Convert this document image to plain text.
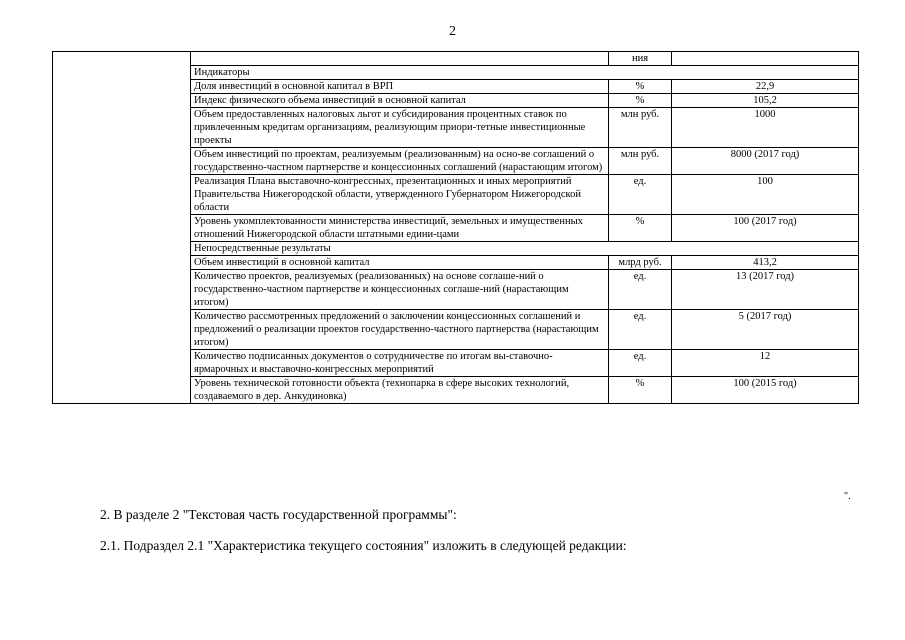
2
		ния	
	Индикаторы		
	Доля инвестиций в основной капитал в ВРП	%	22,9
	Индекс физического объема инвестиций в основной капитал	%	105,2
	Объем предоставленных налоговых льгот и субсидирования процентных ставок по привлеченным кредитам организациям, реализующим приори-тетные инвестиционные проекты	млн руб.	1000
	Объем инвестиций по проектам, реализуемым (реализованным) на осно-ве соглашений о государственно-частном партнерстве и концессионных соглашений (нарастающим итогом)	млн руб.	8000 (2017 год)
	Реализация Плана выставочно-конгрессных, презентационных и иных мероприятий Правительства Нижегородской области, утвержденного Губернатором Нижегородской области	ед.	100
	Уровень укомплектованности министерства инвестиций, земельных и имущественных отношений Нижегородской области штатными едини-цами	%	100 (2017 год)
	Непосредственные результаты		
	Объем инвестиций в основной капитал	млрд руб.	413,2
	Количество проектов, реализуемых (реализованных) на основе соглаше-ний о государственно-частном партнерстве и концессионных соглаше-ний (нарастающим итогом)	ед.	13 (2017 год)
	Количество рассмотренных предложений о заключении концессионных соглашений и предложений о реализации проектов государственно-частного партнерства (нарастающим итогом)	ед.	5 (2017 год)
	Количество подписанных документов о сотрудничестве по итогам вы-ставочно-ярмарочных и выставочно-конгрессных мероприятий	ед.	12
	Уровень технической готовности объекта (технопарка в сфере высоких технологий, создаваемого в дер. Анкудиновка)	%	100 (2015 год)
".
2. В разделе 2 "Текстовая часть государственной программы":
2.1. Подраздел 2.1 "Характеристика текущего состояния" изложить в следующей редакции:
